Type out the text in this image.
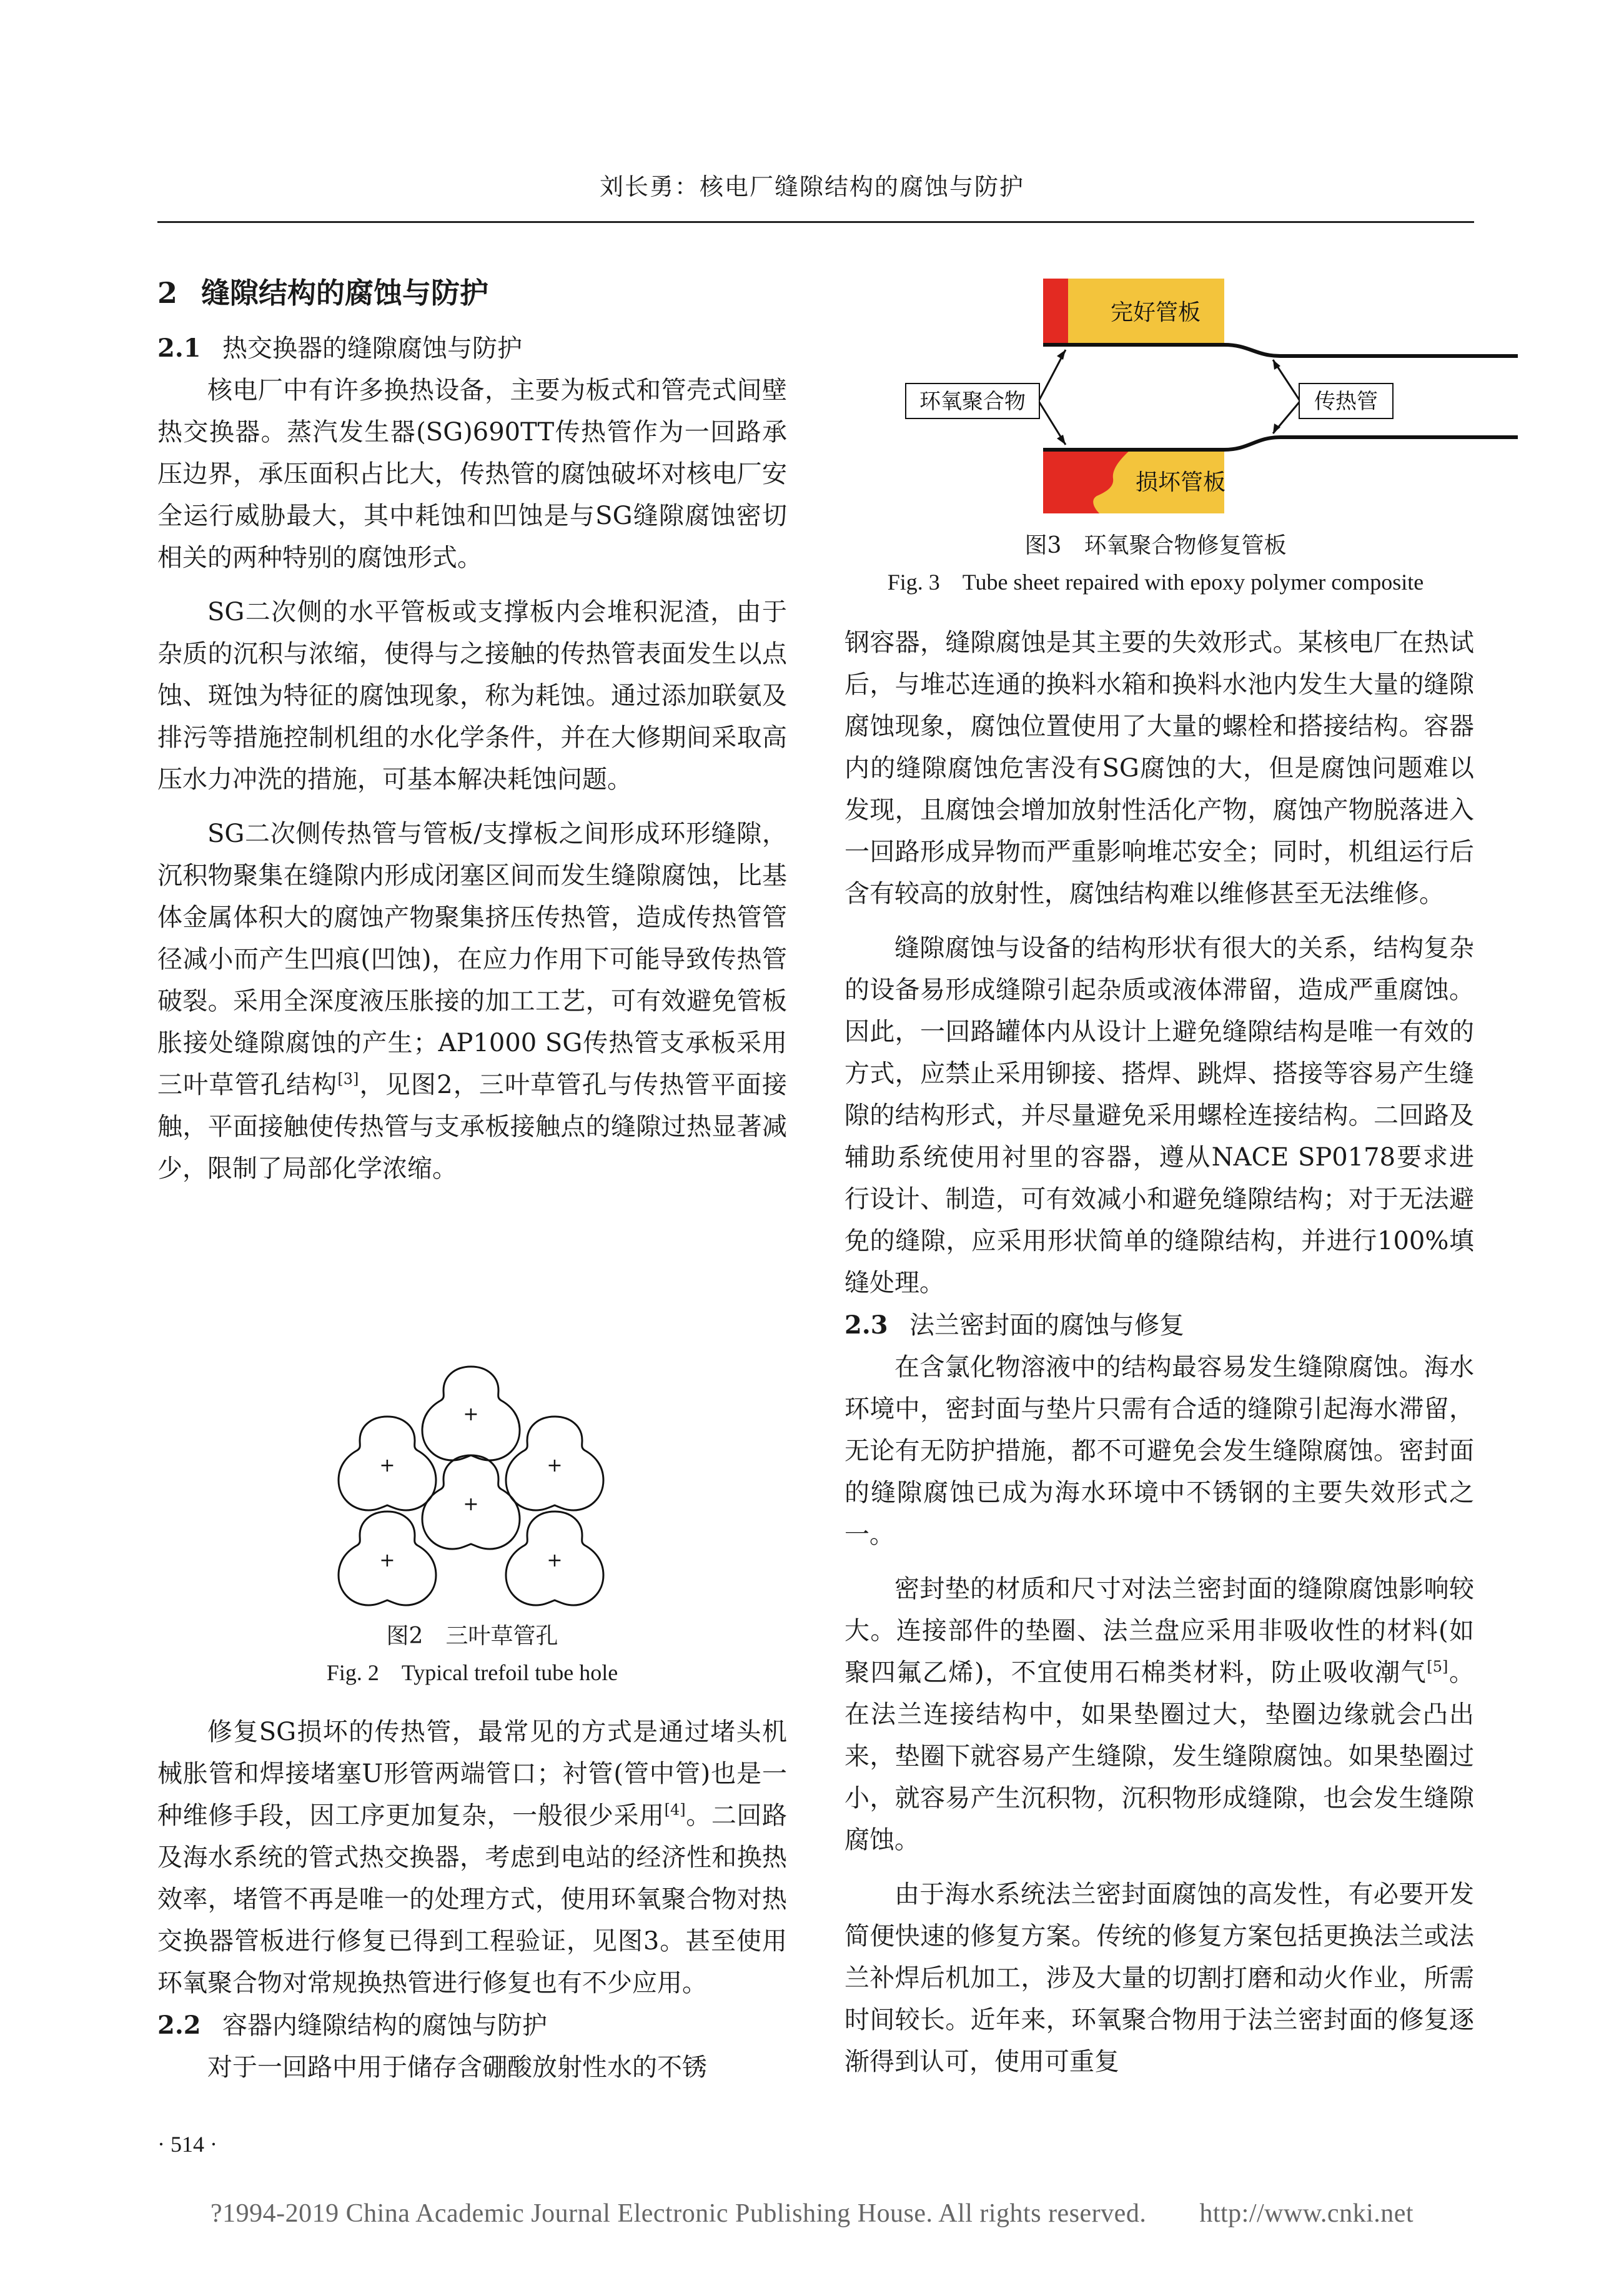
刘长勇：核电厂缝隙结构的腐蚀与防护
2 缝隙结构的腐蚀与防护
2.1 热交换器的缝隙腐蚀与防护

核电厂中有许多换热设备，主要为板式和管壳式间壁热交换器。蒸汽发生器(SG)690TT传热管作为一回路承压边界，承压面积占比大，传热管的腐蚀破坏对核电厂安全运行威胁最大，其中耗蚀和凹蚀是与SG缝隙腐蚀密切相关的两种特别的腐蚀形式。

SG二次侧的水平管板或支撑板内会堆积泥渣，由于杂质的沉积与浓缩，使得与之接触的传热管表面发生以点蚀、斑蚀为特征的腐蚀现象，称为耗蚀。通过添加联氨及排污等措施控制机组的水化学条件，并在大修期间采取高压水力冲洗的措施，可基本解决耗蚀问题。

SG二次侧传热管与管板/支撑板之间形成环形缝隙，沉积物聚集在缝隙内形成闭塞区间而发生缝隙腐蚀，比基体金属体积大的腐蚀产物聚集挤压传热管，造成传热管管径减小而产生凹痕(凹蚀)，在应力作用下可能导致传热管破裂。采用全深度液压胀接的加工工艺，可有效避免管板胀接处缝隙腐蚀的产生；AP1000 SG传热管支承板采用三叶草管孔结构[3]，见图2，三叶草管孔与传热管平面接触，平面接触使传热管与支承板接触点的缝隙过热显著减少，限制了局部化学浓缩。

+
+	+
+
+	+
图2　三叶草管孔
Fig. 2　Typical trefoil tube hole

修复SG损坏的传热管，最常见的方式是通过堵头机械胀管和焊接堵塞U形管两端管口；衬管(管中管)也是一种维修手段，因工序更加复杂，一般很少采用[4]。二回路及海水系统的管式热交换器，考虑到电站的经济性和换热效率，堵管不再是唯一的处理方式，使用环氧聚合物对热交换器管板进行修复已得到工程验证，见图3。甚至使用环氧聚合物对常规换热管进行修复也有不少应用。

2.2 容器内缝隙结构的腐蚀与防护

对于一回路中用于储存含硼酸放射性水的不锈

完好管板
损坏管板
环氧聚合物	传热管
图3　环氧聚合物修复管板
Fig. 3　Tube sheet repaired with epoxy polymer composite

钢容器，缝隙腐蚀是其主要的失效形式。某核电厂在热试后，与堆芯连通的换料水箱和换料水池内发生大量的缝隙腐蚀现象，腐蚀位置使用了大量的螺栓和搭接结构。容器内的缝隙腐蚀危害没有SG腐蚀的大，但是腐蚀问题难以发现，且腐蚀会增加放射性活化产物，腐蚀产物脱落进入一回路形成异物而严重影响堆芯安全；同时，机组运行后含有较高的放射性，腐蚀结构难以维修甚至无法维修。

缝隙腐蚀与设备的结构形状有很大的关系，结构复杂的设备易形成缝隙引起杂质或液体滞留，造成严重腐蚀。因此，一回路罐体内从设计上避免缝隙结构是唯一有效的方式，应禁止采用铆接、搭焊、跳焊、搭接等容易产生缝隙的结构形式，并尽量避免采用螺栓连接结构。二回路及辅助系统使用衬里的容器，遵从NACE SP0178要求进行设计、制造，可有效减小和避免缝隙结构；对于无法避免的缝隙，应采用形状简单的缝隙结构，并进行100%填缝处理。

2.3 法兰密封面的腐蚀与修复

在含氯化物溶液中的结构最容易发生缝隙腐蚀。海水环境中，密封面与垫片只需有合适的缝隙引起海水滞留，无论有无防护措施，都不可避免会发生缝隙腐蚀。密封面的缝隙腐蚀已成为海水环境中不锈钢的主要失效形式之一。

密封垫的材质和尺寸对法兰密封面的缝隙腐蚀影响较大。连接部件的垫圈、法兰盘应采用非吸收性的材料(如聚四氟乙烯)，不宜使用石棉类材料，防止吸收潮气[5]。在法兰连接结构中，如果垫圈过大，垫圈边缘就会凸出来，垫圈下就容易产生缝隙，发生缝隙腐蚀。如果垫圈过小，就容易产生沉积物，沉积物形成缝隙，也会发生缝隙腐蚀。

由于海水系统法兰密封面腐蚀的高发性，有必要开发简便快速的修复方案。传统的修复方案包括更换法兰或法兰补焊后机加工，涉及大量的切割打磨和动火作业，所需时间较长。近年来，环氧聚合物用于法兰密封面的修复逐渐得到认可，使用可重复

· 514 ·
?1994-2019 China Academic Journal Electronic Publishing House. All rights reserved.　　http://www.cnki.net
